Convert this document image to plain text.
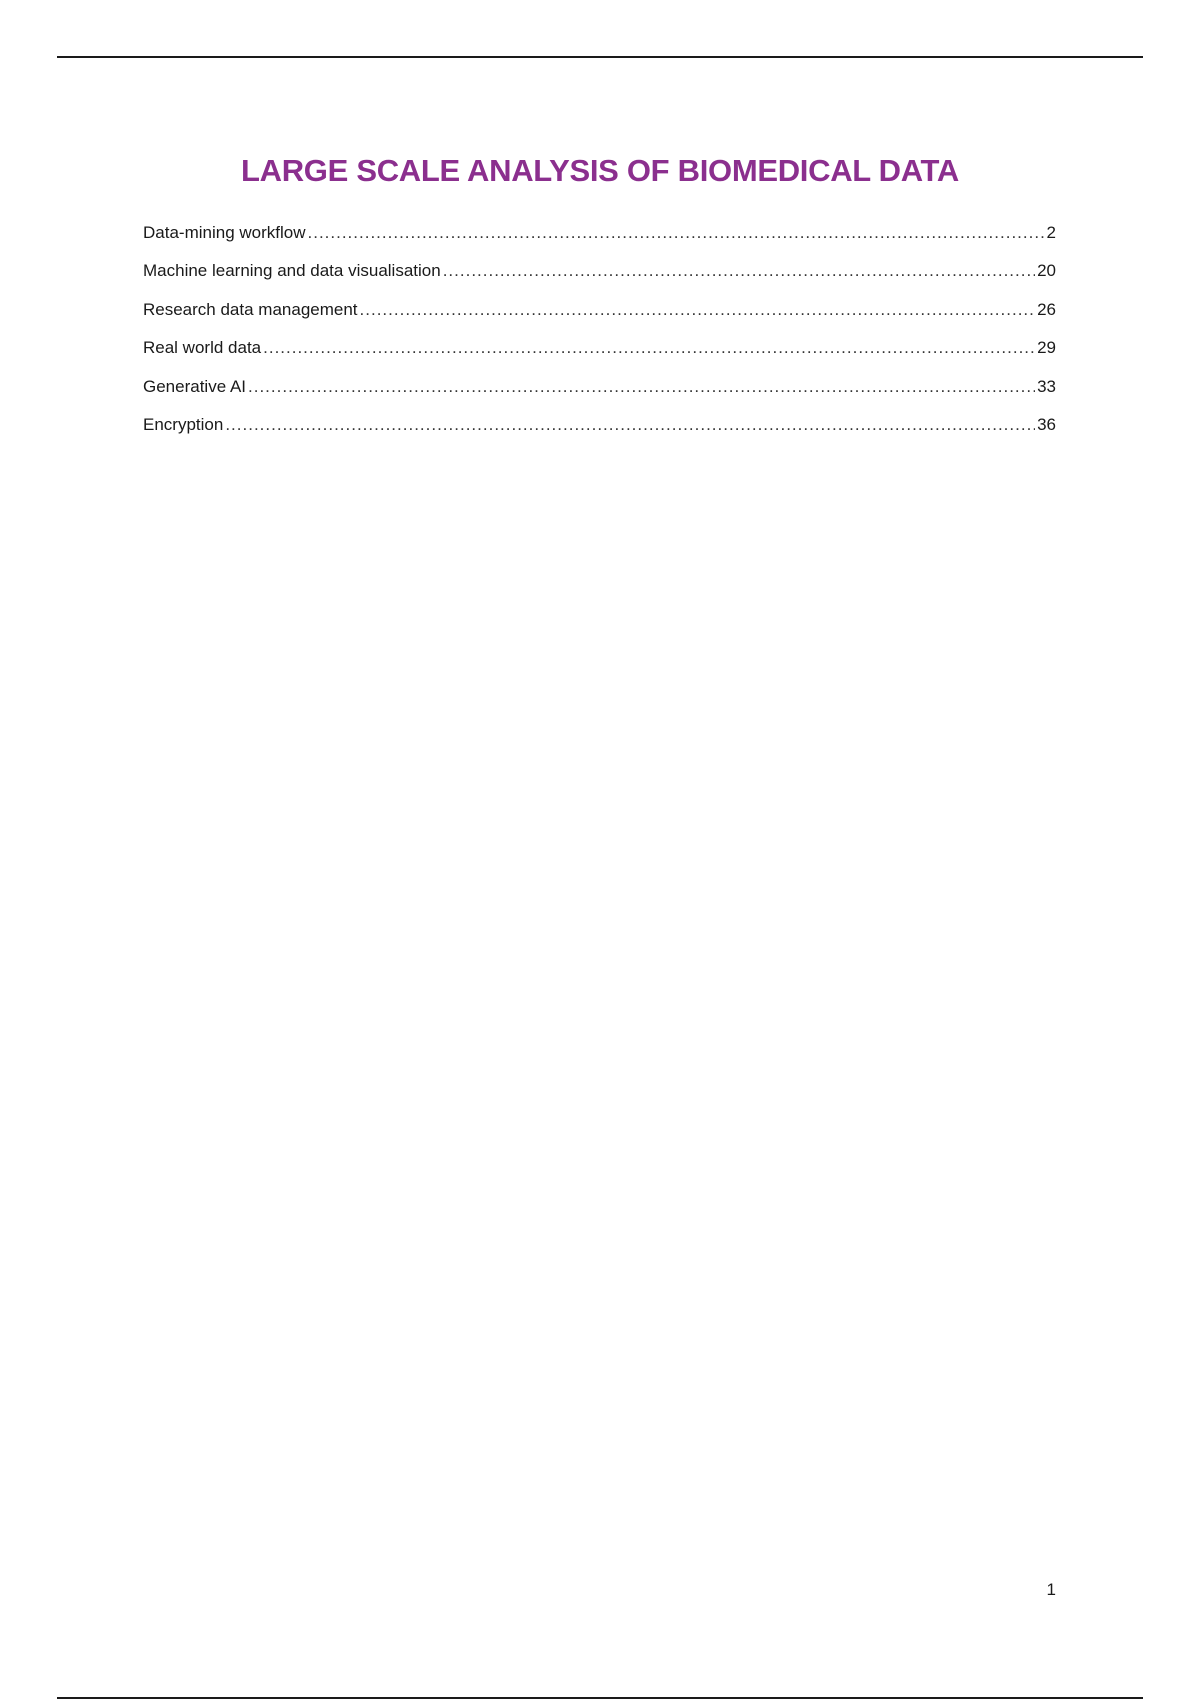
LARGE SCALE ANALYSIS OF BIOMEDICAL DATA
Data-mining workflow .....	2
Machine learning and data visualisation .....	20
Research data management .....	26
Real world data .....	29
Generative AI .....	33
Encryption .....	36
1
